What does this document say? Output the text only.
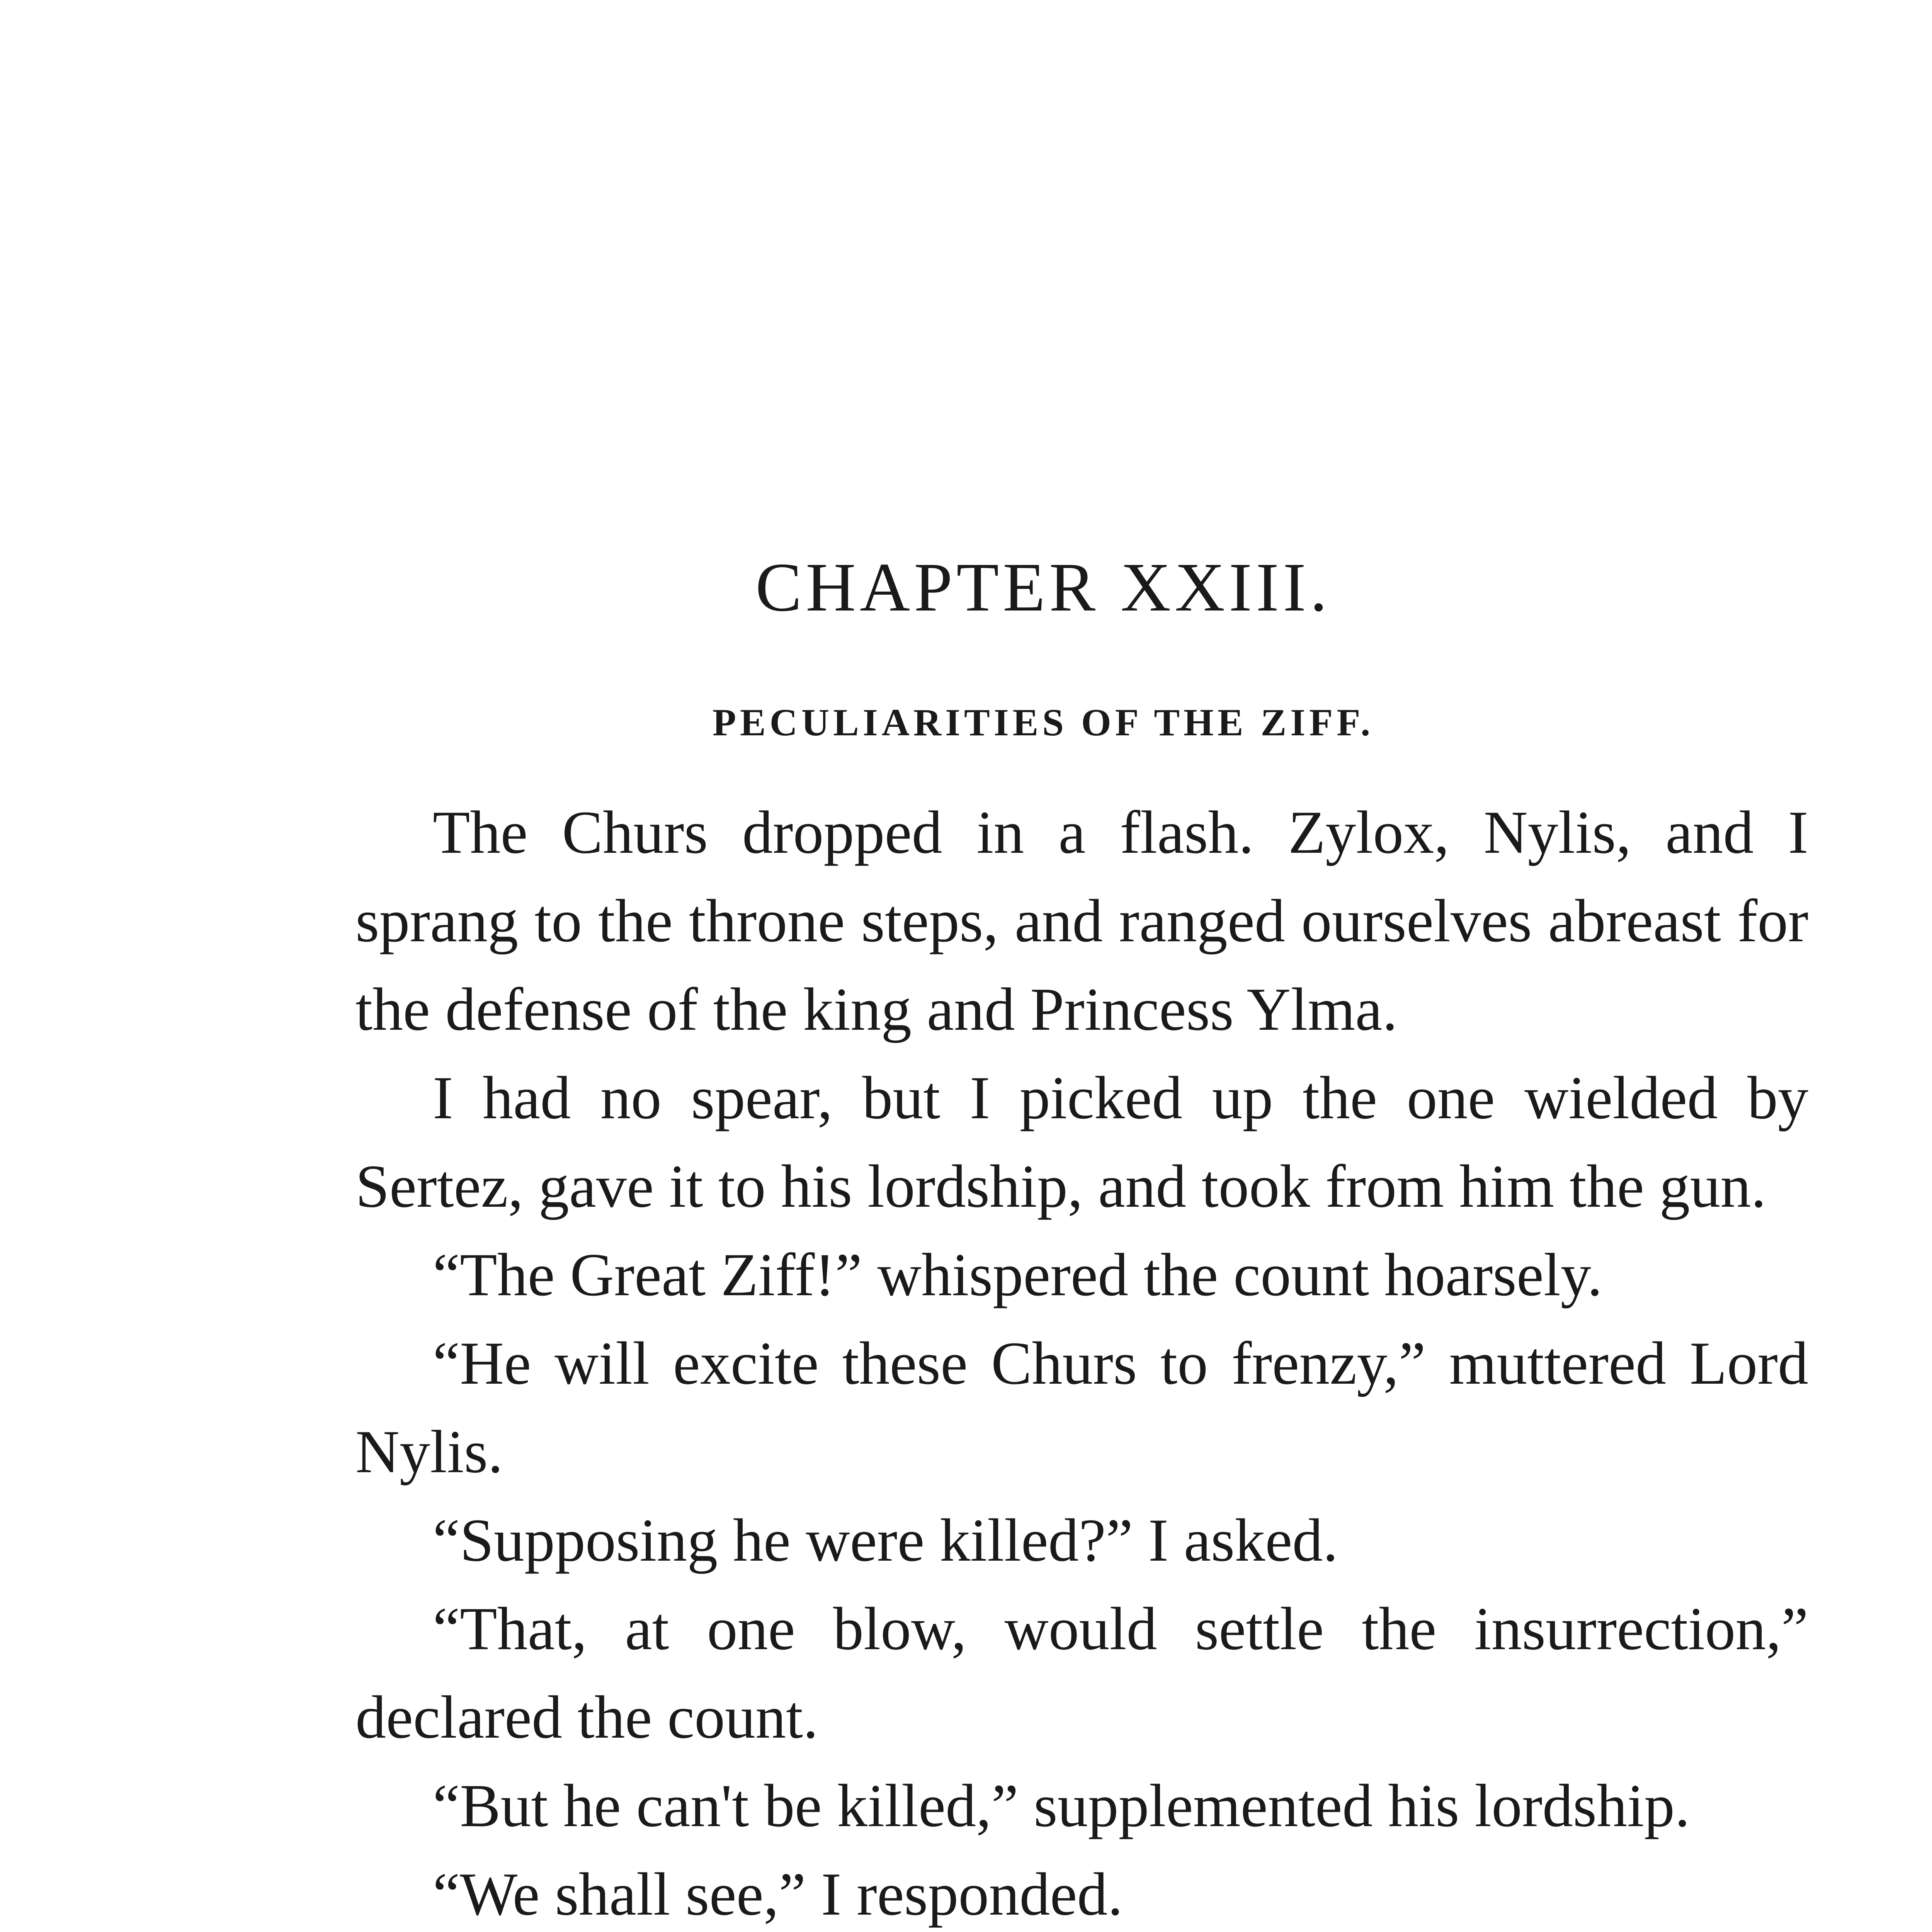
CHAPTER XXIII.
PECULIARITIES OF THE ZIFF.

The Churs dropped in a flash. Zylox, Nylis, and I sprang to the throne steps, and ranged ourselves abreast for the defense of the king and Princess Ylma.

I had no spear, but I picked up the one wielded by Sertez, gave it to his lordship, and took from him the gun.

“The Great Ziff!” whispered the count hoarsely.

“He will excite these Churs to frenzy,” muttered Lord Nylis.

“Supposing he were killed?” I asked.

“That, at one blow, would settle the insurrection,” declared the count.

“But he can't be killed,” supplemented his lordship.

“We shall see,” I responded.
